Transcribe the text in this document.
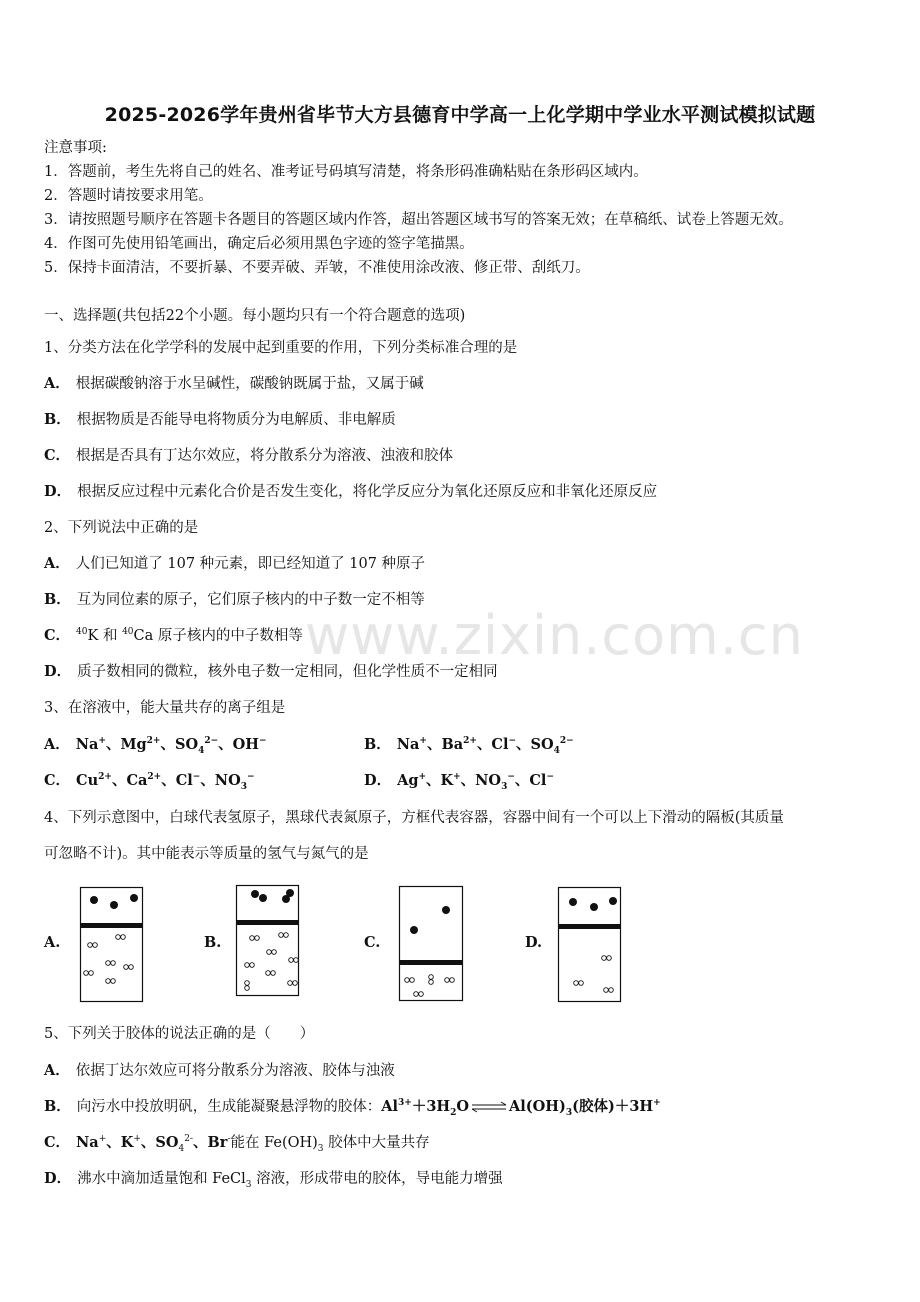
www.zixin.com.cn
2025-2026学年贵州省毕节大方县德育中学高一上化学期中学业水平测试模拟试题
注意事项:
1．答题前，考生先将自己的姓名、准考证号码填写清楚，将条形码准确粘贴在条形码区域内。
2．答题时请按要求用笔。
3．请按照题号顺序在答题卡各题目的答题区域内作答，超出答题区域书写的答案无效；在草稿纸、试卷上答题无效。
4．作图可先使用铅笔画出，确定后必须用黑色字迹的签字笔描黑。
5．保持卡面清洁，不要折暴、不要弄破、弄皱，不准使用涂改液、修正带、刮纸刀。
一、选择题(共包括22个小题。每小题均只有一个符合题意的选项)
1、分类方法在化学学科的发展中起到重要的作用，下列分类标准合理的是
A． 根据碳酸钠溶于水呈碱性，碳酸钠既属于盐，又属于碱
B． 根据物质是否能导电将物质分为电解质、非电解质
C． 根据是否具有丁达尔效应，将分散系分为溶液、浊液和胶体
D． 根据反应过程中元素化合价是否发生变化，将化学反应分为氧化还原反应和非氧化还原反应
2、下列说法中正确的是
A． 人们已知道了 107 种元素，即已经知道了 107 种原子
B． 互为同位素的原子，它们原子核内的中子数一定不相等
C． $^{40}$K 和 $^{40}$Ca 原子核内的中子数相等
D． 质子数相同的微粒，核外电子数一定相同，但化学性质不一定相同
3、在溶液中，能大量共存的离子组是
A． Na+、$Mg^{2+}$、$SO_4^{2-}$、OH−	B． Na+、$Ba^{2+}$、Cl−、$SO_4^{2-}$
C． $Cu^{2+}$、$Ca^{2+}$、Cl−、$NO_3^-$	D． Ag+、K+、$NO_3^-$、Cl−
4、下列示意图中，白球代表氢原子，黑球代表氮原子，方框代表容器，容器中间有一个可以上下滑动的隔板(其质量
可忽略不计)。其中能表示等质量的氢气与氮气的是
A.	B.	C.	D.
5、下列关于胶体的说法正确的是（　　）
A． 依据丁达尔效应可将分散系分为溶液、胶体与浊液
B． 向污水中投放明矾，生成能凝聚悬浮物的胶体：$Al^{3+}+3H_2O$ ⇌ $Al(OH)_3$(胶体)＋3H+
C． Na+、K+、$SO_4^{2-}$、Br-能在 $Fe(OH)_3$ 胶体中大量共存
D． 沸水中滴加适量饱和 FeCl$_3$ 溶液，形成带电的胶体，导电能力增强
